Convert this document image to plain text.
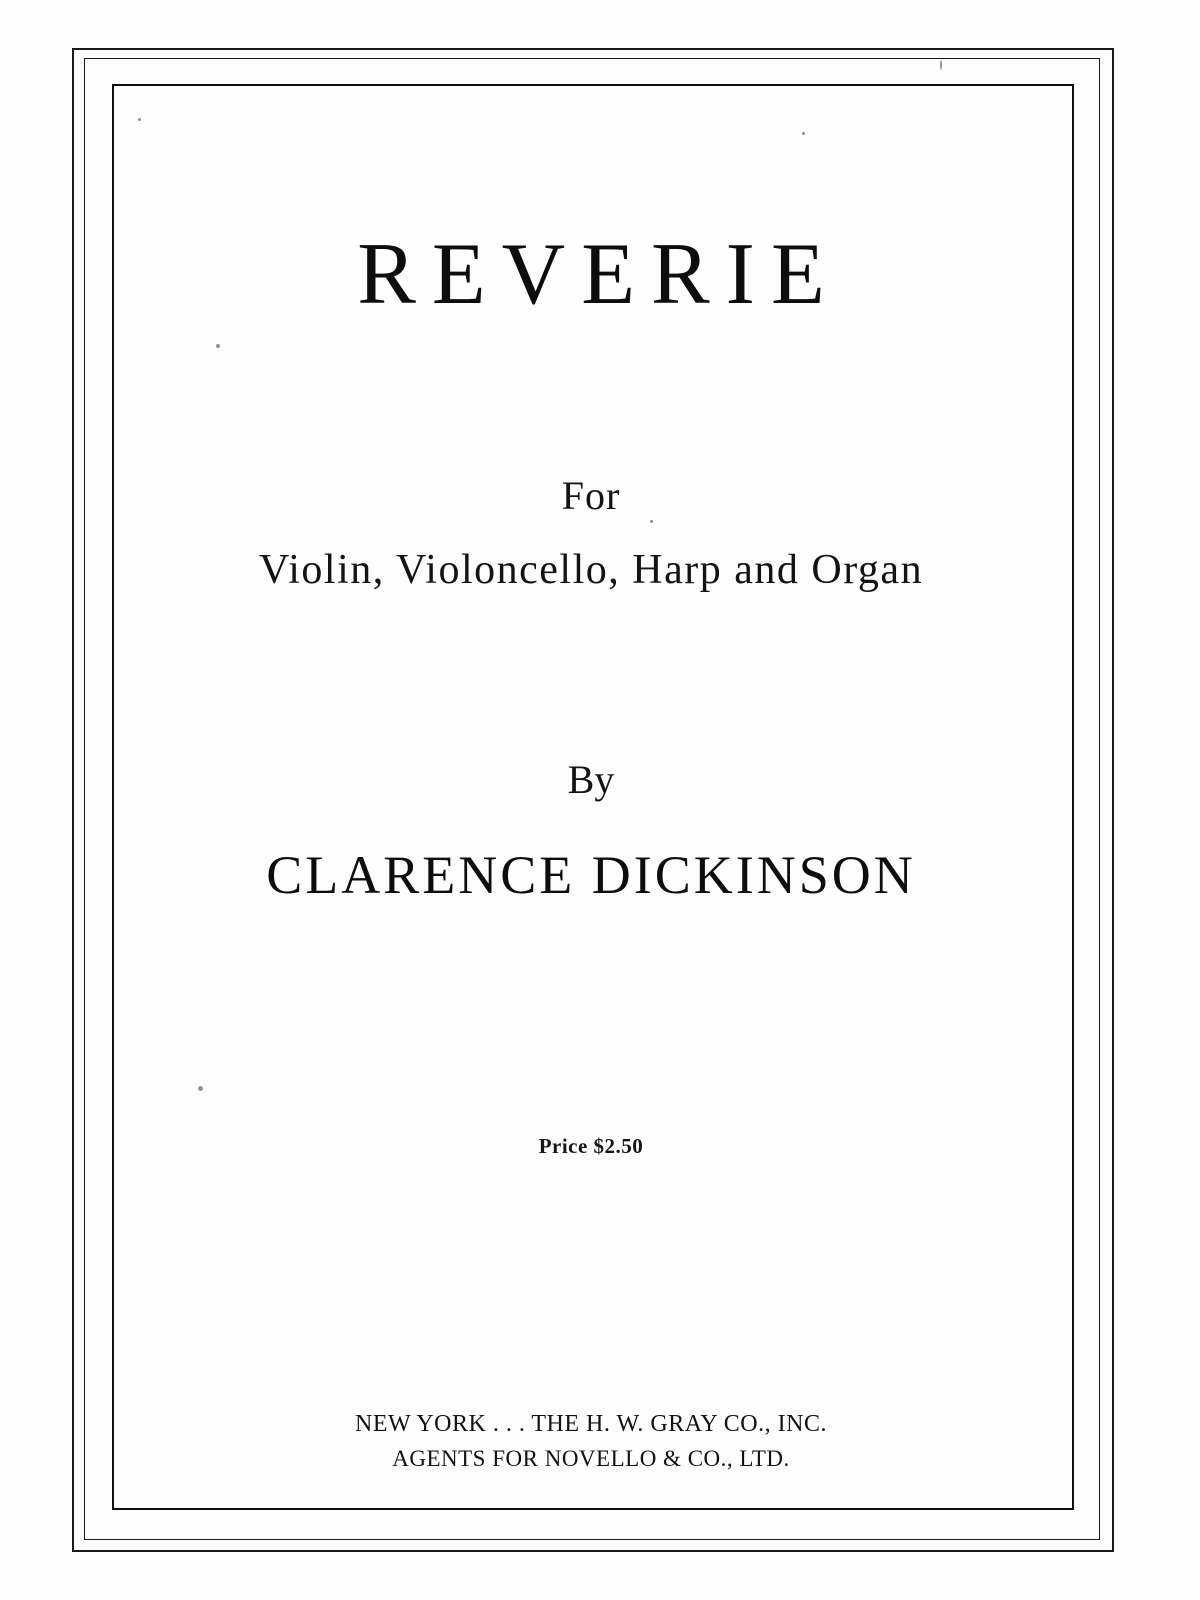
REVERIE
For
Violin, Violoncello, Harp and Organ
By
CLARENCE DICKINSON
Price $2.50
NEW YORK . . . THE H. W. GRAY CO., INC.
AGENTS FOR NOVELLO & CO., LTD.
